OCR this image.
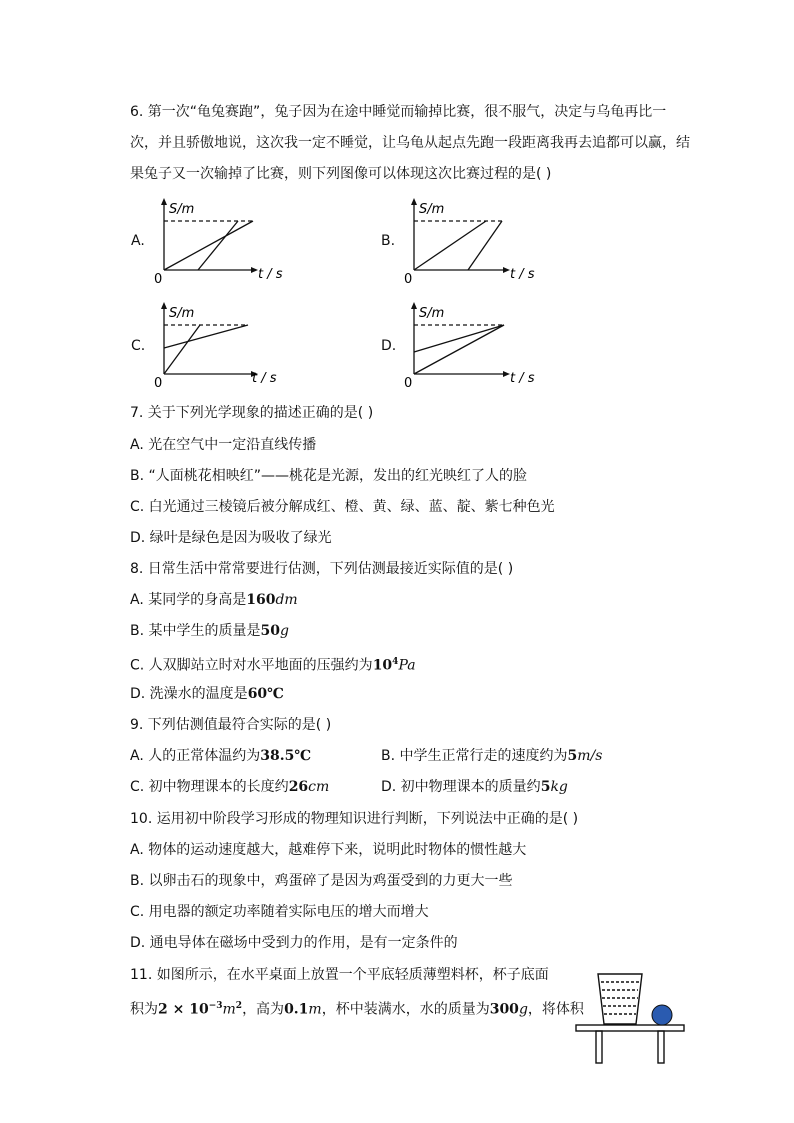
6. 第一次“龟兔赛跑”，兔子因为在途中睡觉而输掉比赛，很不服气，决定与乌龟再比一
次，并且骄傲地说，这次我一定不睡觉，让乌龟从起点先跑一段距离我再去追都可以赢，结
果兔子又一次输掉了比赛，则下列图像可以体现这次比赛过程的是( )
A.	B.
C.	D.
S/m
t / s
0
S/m
t / s
0
S/m
t / s
0
S/m
t / s
0
7. 关于下列光学现象的描述正确的是( )
A. 光在空气中一定沿直线传播
B. “人面桃花相映红”——桃花是光源，发出的红光映红了人的脸
C. 白光通过三棱镜后被分解成红、橙、黄、绿、蓝、靛、紫七种色光
D. 绿叶是绿色是因为吸收了绿光
8. 日常生活中常常要进行估测，下列估测最接近实际值的是( )
A. 某同学的身高是160dm
B. 某中学生的质量是50g
C. 人双脚站立时对水平地面的压强约为$10^4Pa$
D. 洗澡水的温度是60℃
9. 下列估测值最符合实际的是( )
A. 人的正常体温约为38.5℃	B. 中学生正常行走的速度约为5m/s
C. 初中物理课本的长度约26cm	D. 初中物理课本的质量约5kg
10. 运用初中阶段学习形成的物理知识进行判断，下列说法中正确的是( )
A. 物体的运动速度越大，越难停下来，说明此时物体的惯性越大
B. 以卵击石的现象中，鸡蛋碎了是因为鸡蛋受到的力更大一些
C. 用电器的额定功率随着实际电压的增大而增大
D. 通电导体在磁场中受到力的作用，是有一定条件的
11. 如图所示，在水平桌面上放置一个平底轻质薄塑料杯，杯子底面
积为$2 \times 10^{-3}m^2$，高为0.1m，杯中装满水，水的质量为300g，将体积
